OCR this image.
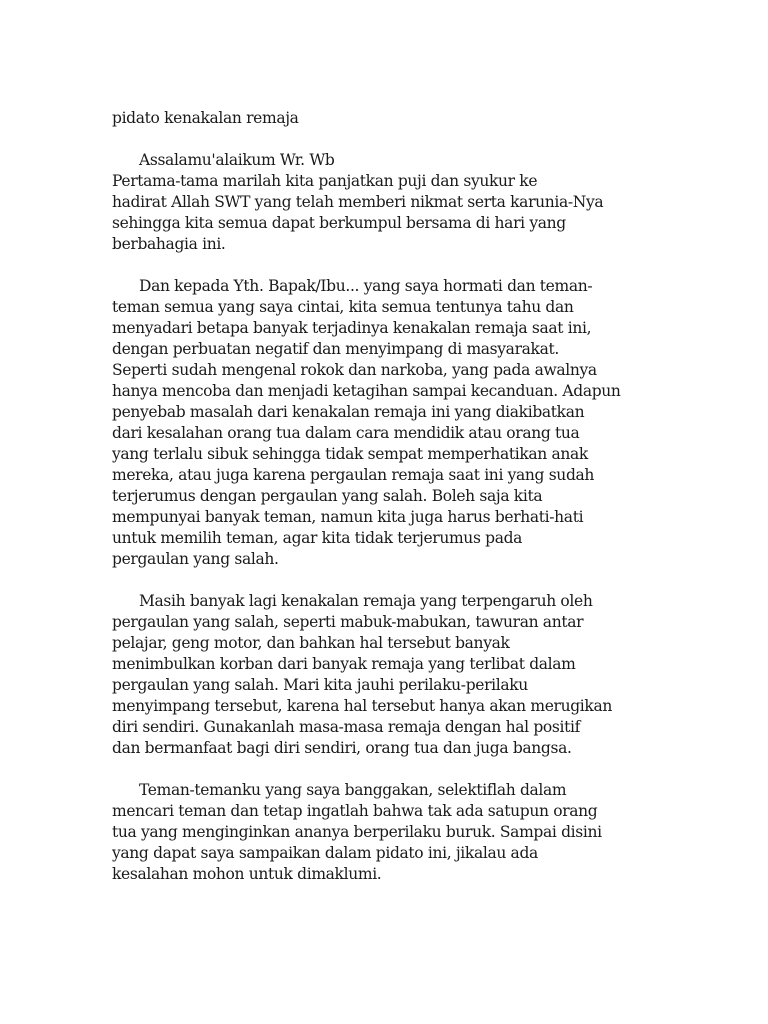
pidato kenakalan remaja
Assalamu'alaikum Wr. Wb
Pertama-tama marilah kita panjatkan puji dan syukur ke
hadirat Allah SWT yang telah memberi nikmat serta karunia-Nya
sehingga kita semua dapat berkumpul bersama di hari yang
berbahagia ini.
Dan kepada Yth. Bapak/Ibu... yang saya hormati dan teman-
teman semua yang saya cintai, kita semua tentunya tahu dan
menyadari betapa banyak terjadinya kenakalan remaja saat ini,
dengan perbuatan negatif dan menyimpang di masyarakat.
Seperti sudah mengenal rokok dan narkoba, yang pada awalnya
hanya mencoba dan menjadi ketagihan sampai kecanduan. Adapun
penyebab masalah dari kenakalan remaja ini yang diakibatkan
dari kesalahan orang tua dalam cara mendidik atau orang tua
yang terlalu sibuk sehingga tidak sempat memperhatikan anak
mereka, atau juga karena pergaulan remaja saat ini yang sudah
terjerumus dengan pergaulan yang salah. Boleh saja kita
mempunyai banyak teman, namun kita juga harus berhati-hati
untuk memilih teman, agar kita tidak terjerumus pada
pergaulan yang salah.
Masih banyak lagi kenakalan remaja yang terpengaruh oleh
pergaulan yang salah, seperti mabuk-mabukan, tawuran antar
pelajar, geng motor, dan bahkan hal tersebut banyak
menimbulkan korban dari banyak remaja yang terlibat dalam
pergaulan yang salah. Mari kita jauhi perilaku-perilaku
menyimpang tersebut, karena hal tersebut hanya akan merugikan
diri sendiri. Gunakanlah masa-masa remaja dengan hal positif
dan bermanfaat bagi diri sendiri, orang tua dan juga bangsa.
Teman-temanku yang saya banggakan, selektiflah dalam
mencari teman dan tetap ingatlah bahwa tak ada satupun orang
tua yang menginginkan ananya berperilaku buruk. Sampai disini
yang dapat saya sampaikan dalam pidato ini, jikalau ada
kesalahan mohon untuk dimaklumi.
